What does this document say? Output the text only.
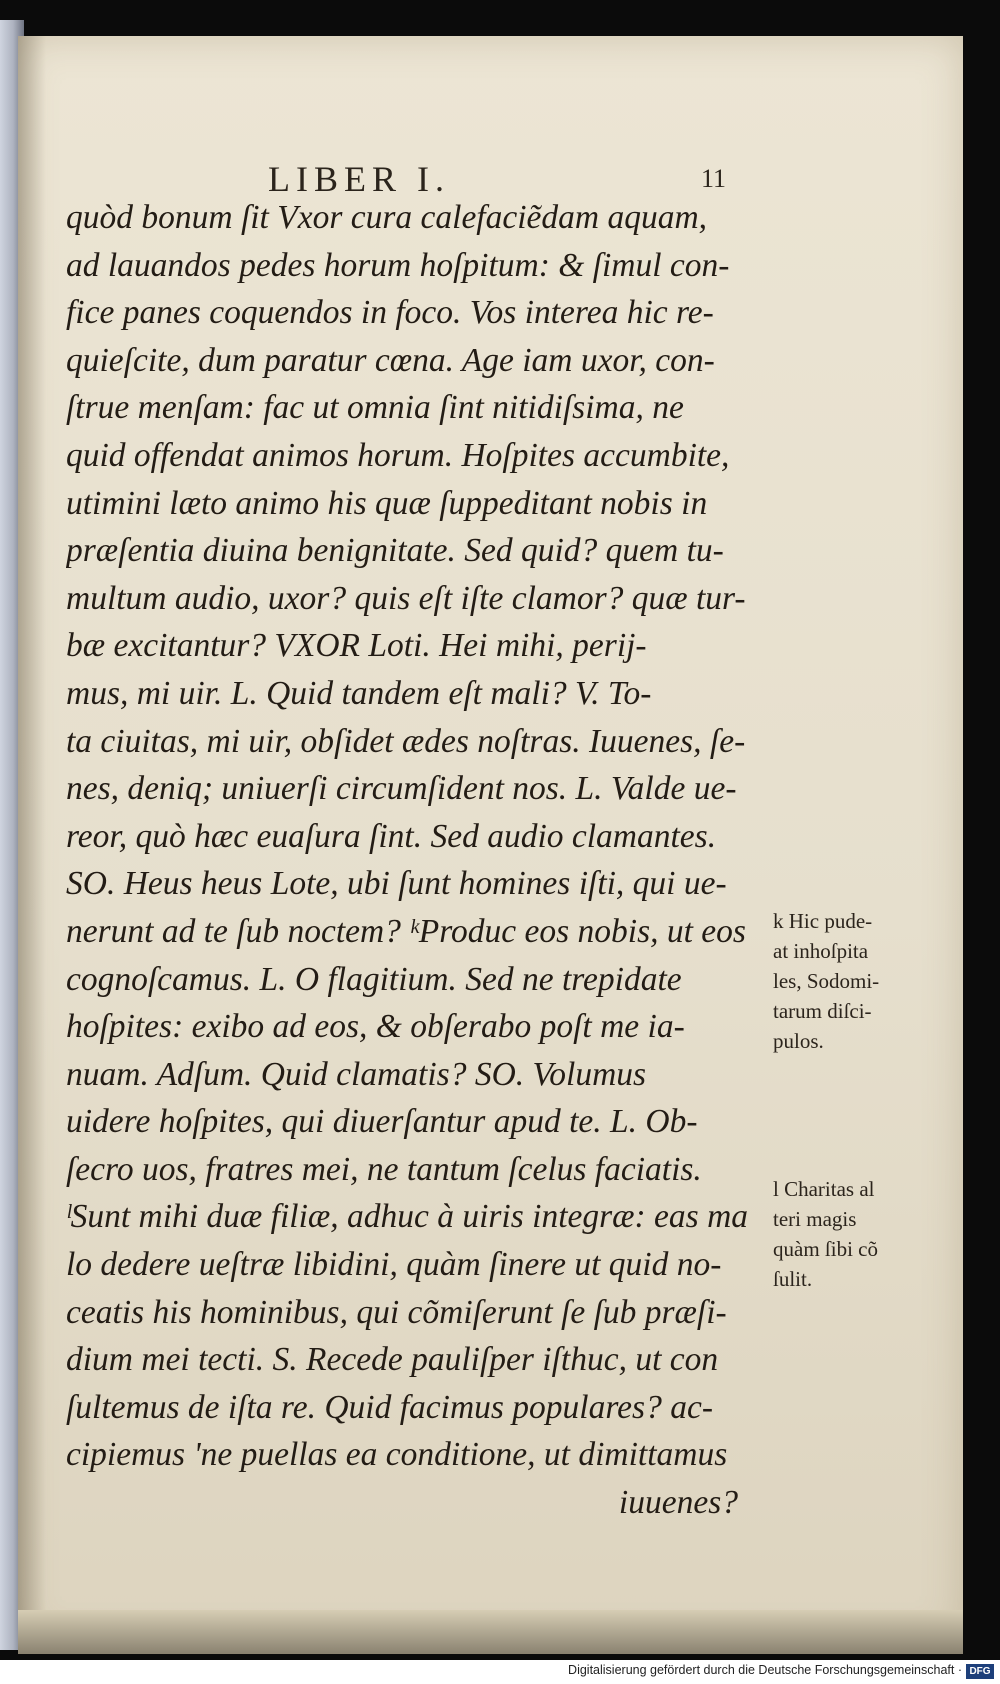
LIBER I.	11
quòd bonum ſit Vxor cura calefaciẽdam aquam,
ad lauandos pedes horum hoſpitum: & ſimul con-
fice panes coquendos in foco. Vos interea hic re-
quieſcite, dum paratur cœna. Age iam uxor, con-
ſtrue menſam: fac ut omnia ſint nitidiſsima, ne
quid offendat animos horum. Hoſpites accumbite,
utimini læto animo his quæ ſuppeditant nobis in
præſentia diuina benignitate. Sed quid? quem tu-
multum audio, uxor? quis eſt iſte clamor? quæ tur-
bæ excitantur? VXOR Loti. Hei mihi, perij-
mus, mi uir. L. Quid tandem eſt mali? V. To-
ta ciuitas, mi uir, obſidet ædes noſtras. Iuuenes, ſe-
nes, deniq; uniuerſi circumſident nos. L. Valde ue-
reor, quò hæc euaſura ſint. Sed audio clamantes.
SO. Heus heus Lote, ubi ſunt homines iſti, qui ue-
nerunt ad te ſub noctem? ᵏProduc eos nobis, ut eos
cognoſcamus. L. O flagitium. Sed ne trepidate
hoſpites: exibo ad eos, & obſerabo poſt me ia-
nuam. Adſum. Quid clamatis? SO. Volumus
uidere hoſpites, qui diuerſantur apud te. L. Ob-
ſecro uos, fratres mei, ne tantum ſcelus faciatis.
ˡSunt mihi duæ filiæ, adhuc à uiris integræ: eas ma
lo dedere ueſtræ libidini, quàm ſinere ut quid no-
ceatis his hominibus, qui cõmiſerunt ſe ſub præſi-
dium mei tecti. S. Recede pauliſper iſthuc, ut con
ſultemus de iſta re. Quid facimus populares? ac-
cipiemus 'ne puellas ea conditione, ut dimittamus
iuuenes?
k Hic pude-
at inhoſpita
les, Sodomi-
tarum diſci-
pulos.
l Charitas al
teri magis
quàm ſibi cõ
ſulit.
Digitalisierung gefördert durch die Deutsche Forschungsgemeinschaft · DFG
